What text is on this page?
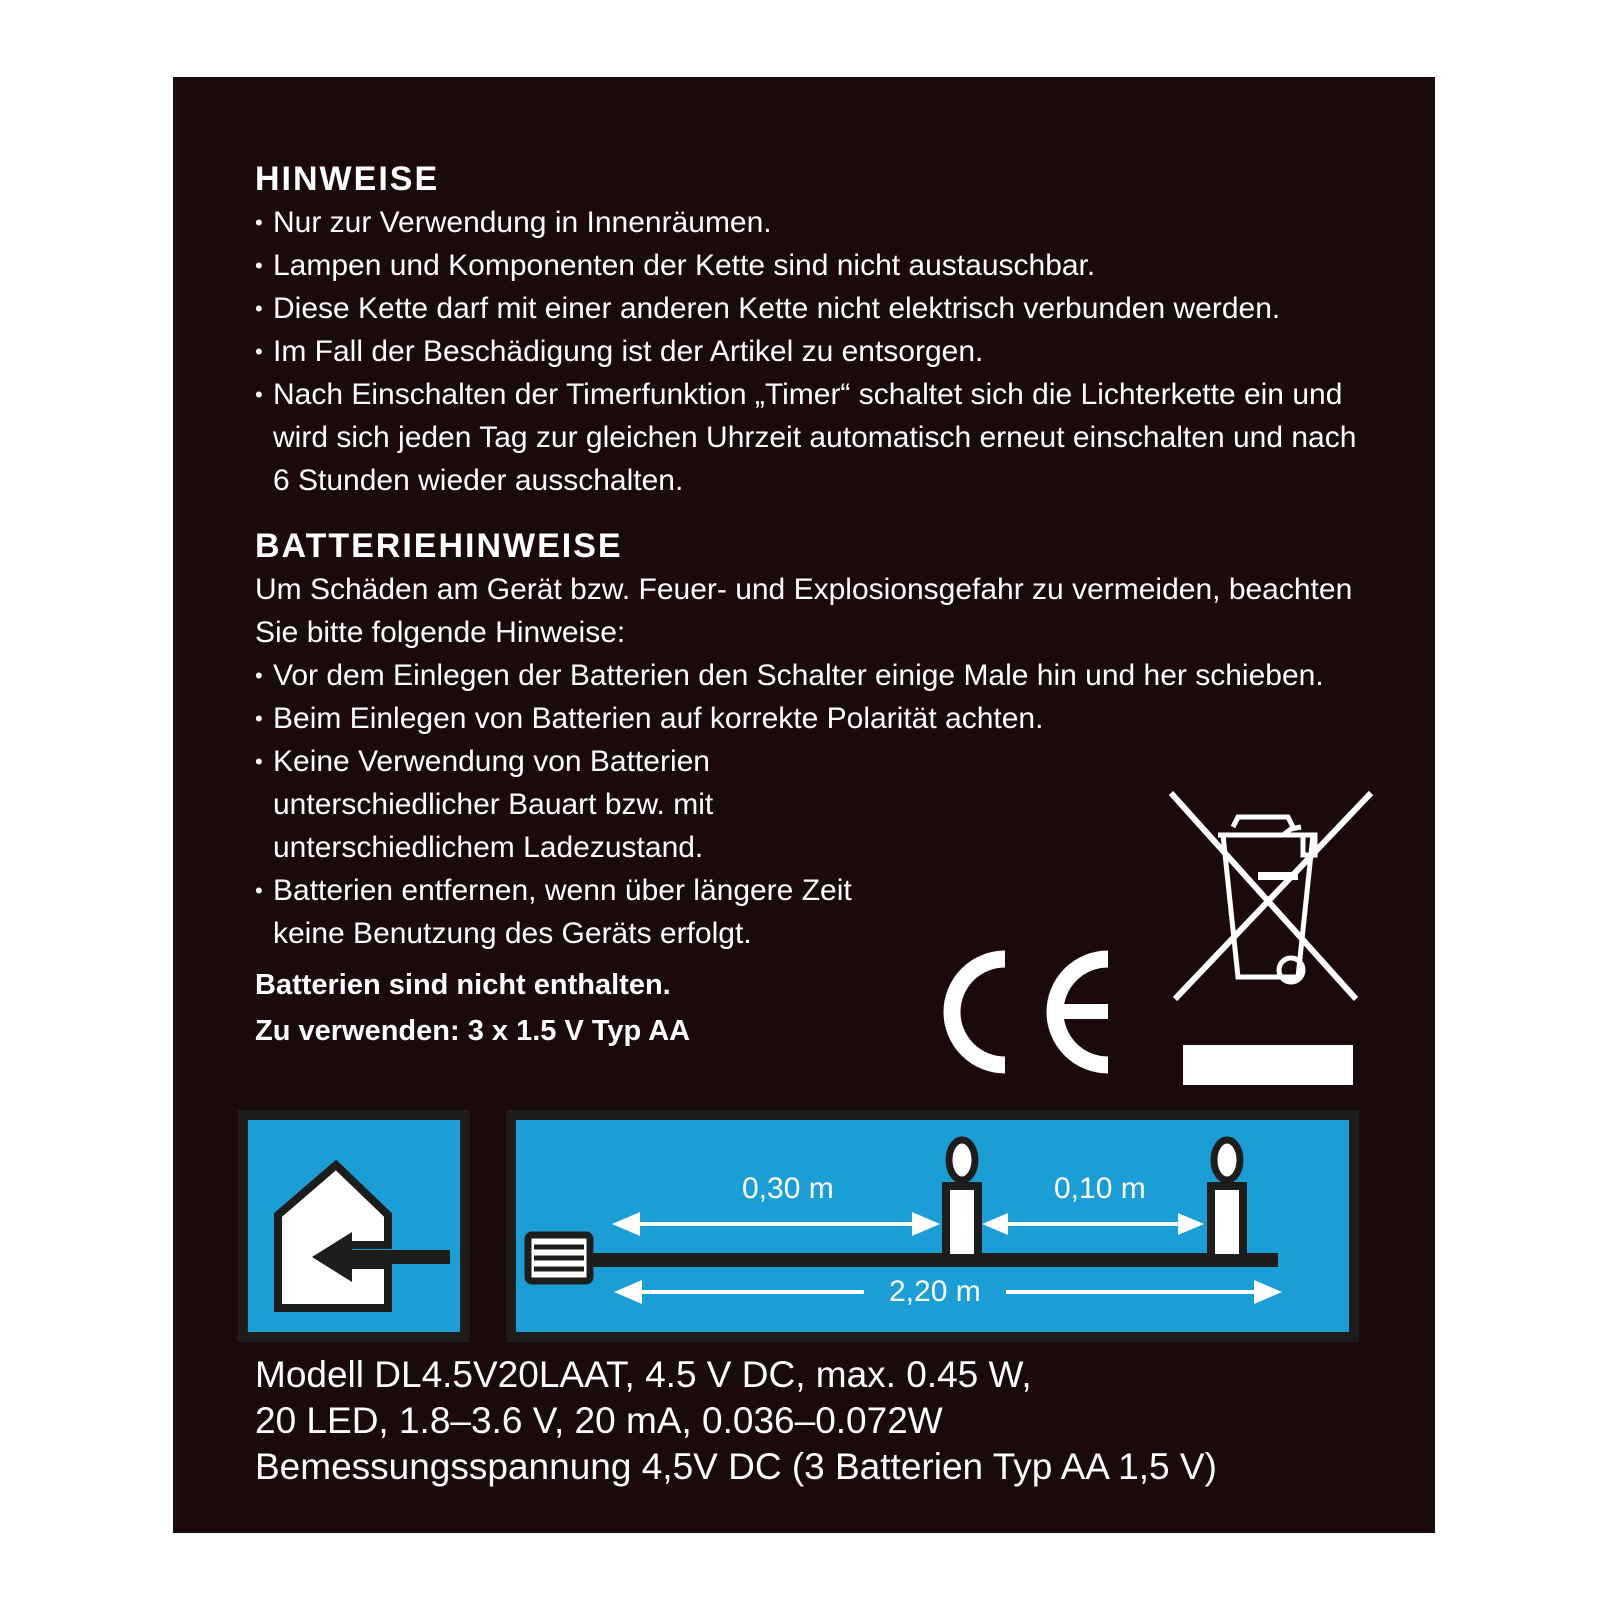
HINWEISE
• Nur zur Verwendung in Innenräumen.
• Lampen und Komponenten der Kette sind nicht austauschbar.
• Diese Kette darf mit einer anderen Kette nicht elektrisch verbunden werden.
• Im Fall der Beschädigung ist der Artikel zu entsorgen.
• Nach Einschalten der Timerfunktion „Timer“ schaltet sich die Lichterkette ein und wird sich jeden Tag zur gleichen Uhrzeit automatisch erneut einschalten und nach 6 Stunden wieder ausschalten.
BATTERIEHINWEISE

Um Schäden am Gerät bzw. Feuer- und Explosionsgefahr zu vermeiden, beachten Sie bitte folgende Hinweise:

• Vor dem Einlegen der Batterien den Schalter einige Male hin und her schieben.
• Beim Einlegen von Batterien auf korrekte Polarität achten.
• Keine Verwendung von Batterien unterschiedlicher Bauart bzw. mit unterschiedlichem Ladezustand.
• Batterien entfernen, wenn über längere Zeit keine Benutzung des Geräts erfolgt.
Batterien sind nicht enthalten.
Zu verwenden: 3 x 1.5 V Typ AA
0,30 m	0,10 m
2,20 m
Modell DL4.5V20LAAT, 4.5 V DC, max. 0.45 W,
20 LED, 1.8–3.6 V, 20 mA, 0.036–0.072W
Bemessungsspannung 4,5V DC (3 Batterien Typ AA 1,5 V)
